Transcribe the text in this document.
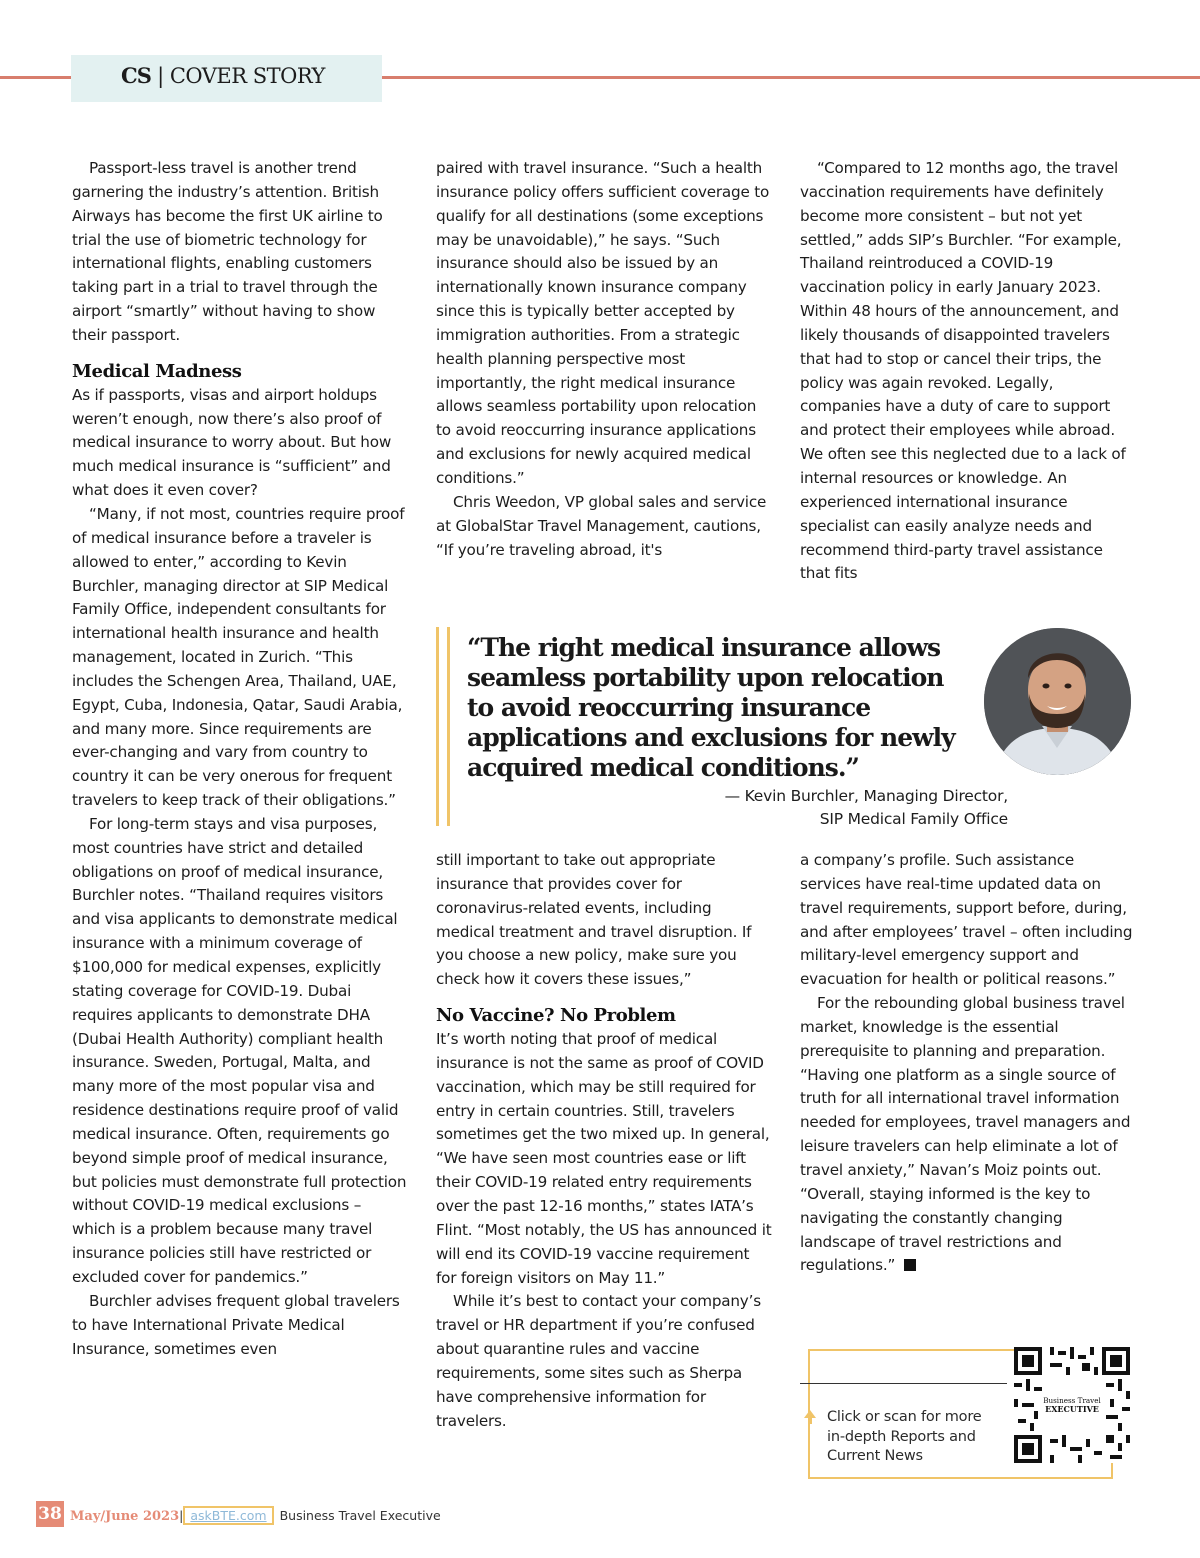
CS | COVER STORY

Passport-less travel is another trend garnering the industry’s attention. British Airways has become the first UK airline to trial the use of biometric technology for international flights, enabling customers taking part in a trial to travel through the airport “smartly” without having to show their passport.

Medical Madness

As if passports, visas and airport holdups weren’t enough, now there’s also proof of medical insurance to worry about. But how much medical insurance is “sufficient” and what does it even cover?

“Many, if not most, countries require proof of medical insurance before a traveler is allowed to enter,” according to Kevin Burchler, managing director at SIP Medical Family Office, independent consultants for international health insurance and health management, located in Zurich. “This includes the Schengen Area, Thailand, UAE, Egypt, Cuba, Indonesia, Qatar, Saudi Arabia, and many more. Since requirements are ever-changing and vary from country to country it can be very onerous for frequent travelers to keep track of their obligations.”

For long-term stays and visa purposes, most countries have strict and detailed obligations on proof of medical insurance, Burchler notes. “Thailand requires visitors and visa applicants to demonstrate medical insurance with a minimum coverage of $100,000 for medical expenses, explicitly stating coverage for COVID-19. Dubai requires applicants to demonstrate DHA (Dubai Health Authority) compliant health insurance. Sweden, Portugal, Malta, and many more of the most popular visa and residence destinations require proof of valid medical insurance. Often, requirements go beyond simple proof of medical insurance, but policies must demonstrate full protection without COVID-19 medical exclusions – which is a problem because many travel insurance policies still have restricted or excluded cover for pandemics.”

Burchler advises frequent global travelers to have International Private Medical Insurance, sometimes even

paired with travel insurance. “Such a health insurance policy offers sufficient coverage to qualify for all destinations (some exceptions may be unavoidable),” he says. “Such insurance should also be issued by an internationally known insurance company since this is typically better accepted by immigration authorities. From a strategic health planning perspective most importantly, the right medical insurance allows seamless portability upon relocation to avoid reoccurring insurance applications and exclusions for newly acquired medical conditions.”

Chris Weedon, VP global sales and service at GlobalStar Travel Management, cautions, “If you’re traveling abroad, it's

“Compared to 12 months ago, the travel vaccination requirements have definitely become more consistent – but not yet settled,” adds SIP’s Burchler. “For example, Thailand reintroduced a COVID-19 vaccination policy in early January 2023. Within 48 hours of the announcement, and likely thousands of disappointed travelers that had to stop or cancel their trips, the policy was again revoked. Legally, companies have a duty of care to support and protect their employees while abroad. We often see this neglected due to a lack of internal resources or knowledge. An experienced international insurance specialist can easily analyze needs and recommend third-party travel assistance that fits

“The right medical insurance allows seamless portability upon relocation to avoid reoccurring insurance applications and exclusions for newly acquired medical conditions.”
— Kevin Burchler, Managing Director,
SIP Medical Family Office

still important to take out appropriate insurance that provides cover for coronavirus-related events, including medical treatment and travel disruption. If you choose a new policy, make sure you check how it covers these issues,”

No Vaccine? No Problem

It’s worth noting that proof of medical insurance is not the same as proof of COVID vaccination, which may be still required for entry in certain countries. Still, travelers sometimes get the two mixed up. In general, “We have seen most countries ease or lift their COVID-19 related entry requirements over the past 12-16 months,” states IATA’s Flint. “Most notably, the US has announced it will end its COVID-19 vaccine requirement for foreign visitors on May 11.”

While it’s best to contact your company’s travel or HR department if you’re confused about quarantine rules and vaccine requirements, some sites such as Sherpa have comprehensive information for travelers.

a company’s profile. Such assistance services have real-time updated data on travel requirements, support before, during, and after employees’ travel – often including military-level emergency support and evacuation for health or political reasons.”

For the rebounding global business travel market, knowledge is the essential prerequisite to planning and preparation. “Having one platform as a single source of truth for all international travel information needed for employees, travel managers and leisure travelers can help eliminate a lot of travel anxiety,” Navan’s Moiz points out. “Overall, staying informed is the key to navigating the constantly changing landscape of travel restrictions and regulations.”

Click or scan for more in-depth Reports and Current News
Business Travel
EXECUTIVE
38 May/June 2023| askBTE.com Business Travel Executive
